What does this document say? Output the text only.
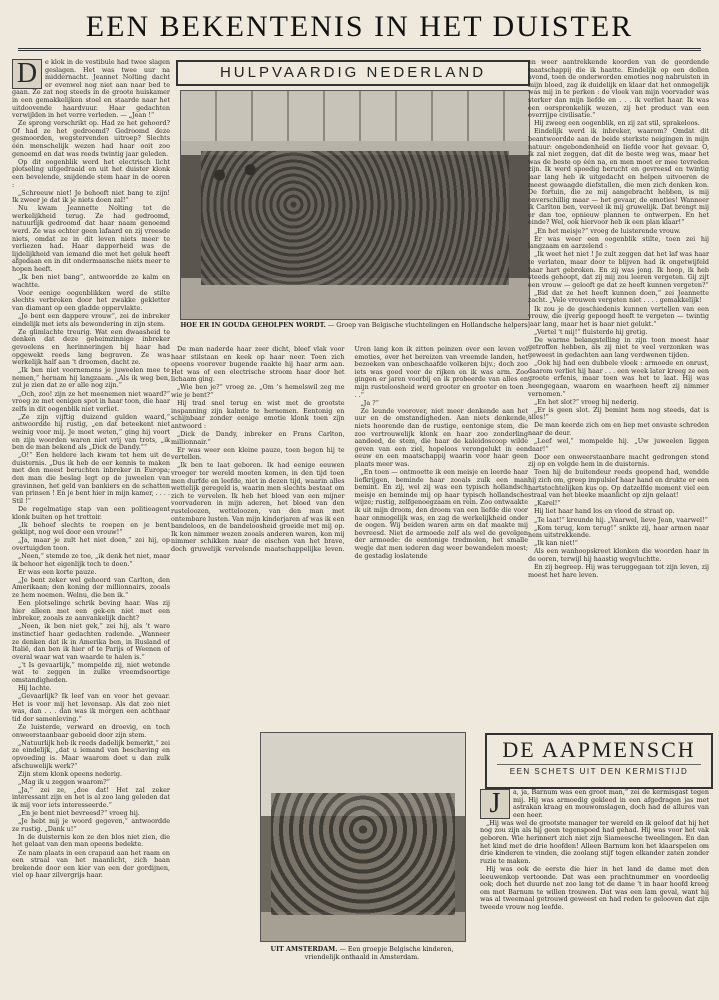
EEN BEKENTENIS IN HET DUISTER
D	e klok in de vestibule had twee slagen geslagen. Het was twee uur na middernacht. Jeannet Nolting dacht er evenwel nog niet aan naar bed te gaan. Ze zat nog steeds in de groote huiskamer in een gemakkelijken stoel en staarde naar het uitdoovende haardvuur. Haar gedachten verwijlden in het verre verleden. — „Jean !“

Ze sprong verschrikt op. Had ze het gehoord? Of had ze het gedroomd? Gedroomd deze gesmoorden, wegstervenden uitroep? Slechts één menschelijk wezen had haar ooit zoo genoemd en dat was reeds twintig jaar geleden.

Op dit oogenblik werd het electrisch licht plotseling uitgedraaid en uit het duister klonk een bevelende, snijdende stem haar in de ooren :

„Schreeuw niet! Je behoeft niet bang te zijn! Ik zweer je dat ik je niets doen zal!“

Nu kwam Jeannette Nolting tot de werkelijkheid terug. Ze had gedroomd, natuurlijk gedroomd dat haar naam genoemd werd. Ze was echter geen lafaard en zij vreesde niets, omdat ze in dit leven niets meer te verliezen had. Haar dapperheid was de lijdelijkheid van iemand die met het geluk heeft afgedaan en in dit ondermaansche niets meer te hopen heeft.

„Ik ben niet bang“, antwoordde ze kalm en wachtte.

Voor eenige oogenblikken werd de stilte slechts verbroken door het zwakke gekletter van diamant op een gladde oppervlakte.

„Je bent een dappere vrouw“, zei de inbreker eindelijk met iets als bewondering in zijn stem.

Ze glimlachte treurig. Wat een dwaasheid te denken dat deze geheimzinnige inbreker gevoelens en herinneringen bij haar had opgewekt reeds lang begraven. Ze was werkelijk half aan 't droomen, dacht ze.

„Ik ben niet voornemens je juweelen mee te nemen,“ hernam hij langzaam. „Als ik weg ben, zul je zien dat ze er alle nog zijn.“

„Och, zoo! zijn ze het meenemen niet waard?“ vroeg ze met eenigen spot in haar toon, die haar zelfs in dit oogenblik niet verliet.

„Ze zijn vijftig duizend gulden waard,“ antwoordde hij rustig, „en dat beteekent niet weinig voor mij. Je moet weten,“ ging hij voort en zijn woorden waren niet vrij van trots, „ik ben de man bekend als „Dick de Dandy.““

„O!“ Een heldere lach kwam tot hem uit de duisternis. „Dus ik heb de eer kennis te maken met den meest beruchten inbreker in Europa; den man die beslag legt op de juweelen van gravinnen, het geld van bankiers en de schatten van prinsen ! En je bent hier in mijn kamer, . . . . Stil !“

De regelmatige stap van een politieagent klonk buiten op het trottoir.

„Ik behoef slechts te roepen en je bent gekiipt, nog wel door een vrouw!“

„Ja, maar je zult het niet doen,“ zei hij, op overtuigden toon.

„Neen,“ stemde ze toe, „ik denk het niet, maar ik behoor het eigenlijk toch te doen.“

Er was een korte pauze.

„Je bent zeker wel gehoord van Carlton, den Amerikaan; den koning der millionnairs, zooals ze hem noemen. Welnu, die ben ik.“

Een plotselinge schrik beving haar. Was zij hier alleen met een gek-en niet met een inbreker, zooals ze aanvankelijk dacht?

„Neen, ik ben niet gek,“ zei hij, als 't ware instinctief haar gedachten radende. „Wanneer ze denken dat ik in Amerika ben, in Rusland of Italië, dan ben ik hier of te Parijs of Weenen of overal waar wat van waarde te halen is.“

„'t Is gevaarlijk,“ mompelde zij, niet wetende wat te zeggen in zulke vreemdsoortige omstandigheden.

Hij lachte.

„Gevaarlijk? Ik leef van en voor het gevaar. Het is voor mij het levensap. Als dat zoo niet was, dan . . . dan was ik morgen een achthaar tid der samenleving.“

Ze luisterde, verward en droevig, en toch onweerstaanbaar geboeid door zijn stem.

„Natuurlijk heb ik reeds dadelijk bemerkt,“ zei ze eindelijk, „dat u iemand van beschaving en opvoeding is. Maar waarom doet u dan zulk afschuwelijk werk?“

Zijn stem klonk opeens nederig.

„Mag ik u zeggen waarom?“

„Ja,“ zei ze, „doe dat! Het zal zeker interessant zijn en het is al zoo lang geleden dat ik mij voor iets interesseerde.“

„En je bent niet bevreesd?“ vroeg hij.

„Je hebt mij je woord gegeven,“ antwoordde ze rustig. „Dank u!“

In de duisternis kon ze den blos niet zien, die het gelaat van den man opeens bedekte.

Ze nam plaats in een crapaud aan het raam en een straal van het maanlicht, zich baan brekende door een kier van een der gordijnen, viel op haar zilvergrijs haar.

HULPVAARDIG NEDERLAND
HOE ER IN GOUDA GEHOLPEN WORDT. — Groep van Belgische vluchtelingen en Hollandsche helpers

De man naderde haar zeer dicht, bleef vlak voor haar stilstaan en keek op haar neer. Toen zich opeens voorover bugende raakte hij haar arm aan. Het was of een electrische stroom haar door het lichaam ging.

„Wie ben je?“ vroeg ze. „Om 's hemelswil zeg me wie je bent?“

Hij trad snel terug en wist met de grootste inspanning zijn kalmte te hernemen. Eentonig en schijnbaar zonder eenige emotie klonk toen zijn antwoord :

„Dick de Dandy, inbreker en Frans Carlton, millionnair.“

Er was weer een kleine pauze, toen begon hij te vertellen.

„Ik ben te laat geboren. Ik had eenige eeuwen vroeger ter wereld moeten komen, in den tijd toen men durfde en leefde, niet in dezen tijd, waarin alles wettelijk geregeld is, waarin men slechts bestaat om zich te vervelen. Ik heb het bloed van een mijner voorvaderen in mijn aderen, het bloed van den rusteloozen, wetteloozen, van den man met ontembare lusten. Van mijn kinderjaren af was ik een bandeloos, en de bandeloosheid groeide met mij op. Ik kon nimmer wezen zooals anderen waren, kon mij nimmer schikken naar de eischen van het brave, doch gruwelijk vervelende maatschappelijke leven. Uren lang kon ik zitten peinzen over een leven vol emoties, over het bereizen van vreemde landen, het bezoeken van onbeschaafde volkeren bijv.; doch zoo iets was goed voor de rijken en ik was arm. Zoo gingen er jaren voorbij en ik probeerde van alles en mijn rusteloosheid werd grooter en grooter en toen . . .“

„Ja ?“

Ze leunde voorover, niet meer denkende aan het uur en de omstandigheden. Aan niets denkende, niets hoorende dan de rustige, eentonige stem, die zoo vertrouwelijk klonk en haar zoo zonderling aandeed, de stem, die haar de kaleidoscoop wilde geven van een ziel, hopeloos verongelukt in een eeuw en een maatschappij waarin voor haar geen plaats meer was.

„En toen — ontmoette ik een meisje en leerde haar liefkrijgen, beminde haar zooals zulk een man bemint. En zij, wel zij was een typisch hollandsch meisje en beminde mij op haar typisch hollandsche wijze; rustig, zelfgenoegzaam en rein. Zoo ontwaakte ik uit mijn droom, den droom van een liefde die voor haar onmogelijk was, en zag de werkelijkheid onder de oogen. Wij beiden waren arm en dat maakte mij bevreesd. Niet de armoede zelf als wel de gevolgen der armoede: de eentonige tredmolen, het smalle wegje dat men iederen dag weer bewandelen moest; de gestadig loslatende

UIT AMSTERDAM. — Een groepje Belgische kinderen, vriendelijk onthaald in Amsterdam.

en weer aantrekkende koorden van de geordende maatschappij die ik haatte. Eindelijk op een dollen avond, toen de onderworden emoties nog nabruisten in mijn bloed, zag ik duidelijk en klaar dat het onmogelijk was mij in te perken : de vloek van mijn voorvader was sterker dan mijn liefde en . . . ik verliet haar. Ik was een oorspronkelijk wezen, zij het product van een overrijpe civilisatie.“

Hij zweeg een oogenblik, en zij zat stil, sprakeloos.

Eindelijk werd ik inbreker, waarom? Omdat dit beantwoordde aan de beide sterkste neigingen in mijn natuur: ongebondenheid en liefde voor het gevaar. O, ik zal niet zeggen, dat dit de beste weg was, maar het was de beste op één na, en men moet er mee tevreden zijn. Ik werd spoedig berucht en gevreesd en twintig jaar lang heb ik uitgedacht en helpen uitvoeren de meest gewaagde diefstallen, die men zich denken kon. De fortuin, die ze mij aangebracht hebben, is mij onverschillig maar — het gevaar, de emoties! Wanneer ik Carlton ben, verveel ik mij gruwelijk. Dat brengt mij er dan toe, opnieuw plannen te ontwerpen. En het einde? Wel, ook hiervoor heb ik een plan klaar!“

„En het meisje?“ vroeg de luisterende vrouw.

Er was weer een oogenblik stilte, toen zei hij langzaam en aarzelend :

„Ik weet het niet ! Je zult zeggen dat het laf was haar te verlaten, maar door te blijven had ik ongetwijfeld haar hart gebroken. En zij was jong. Ik hoop, ik heb steeds gehoopt, dat zij mij zou leeren vergeten. Gij zijt een vrouw — gelooft ge dat ze heeft kunnen vergeten?“

„Bid dat ze het heeft kunnen doen,“ zei Jeannette zacht. „Vele vrouwen vergeten niet . . . . gemakkelijk!

Ik zou je de geschiedenis kunnen vertellen van een vrouw, die ijverig gepoogd heeft te vergeten — twintig jaar lang, maar het is haar niet gelukt.“

„Vertel 't mij!“ fluisterde hij gretig.

De warme belangstelling in zijn toon moest haar getroffen hebben, als zij niet te veel verzonken was geweest in gedachten aan lang verdwenen tijden.

„Ook hij had een dubbele vloek : armoede en onrust, daarom verliet hij haar . . . een week later kreeg ze een groote erfenis, maar toen was het te laat. Hij was heengegaan, waarom en waarheen heeft zij nimmer vernomen.“

„En het slot?“ vroeg hij nederig.

„Er is geen slot. Zij bemint hem nog steeds, dat is alles!“

De man keerde zich om en liep met onvaste schreden naar de deur.

„Leef wel,“ mompelde hij. „Uw juweelen liggen daar!“

Door een onweerstaanbare macht gedrongen stond zij op en volgde hem in de duisternis.

Toen hij de buitendeur reeds geopend had, wendde hij zich om, greep impulsief haar hand en drukte er een hartstochtelijken kus op. Op datzelfde moment viel een straal van het bleeke maanlicht op zijn gelaat!

„Karel!“

Hij liet haar hand los en vlood de straat op.

„Te laat!“ kreunde hij. „Vaarwel, lieve Jean, vaarwel!“

„Kom terug, kom terug!“ snikte zij, haar armen naar hem uitstrekkende.

„Ik kan niet!“

Als een wanhoopskreet klonken die woorden haar in de ooren, terwijl hij haastig wegvluchtte.

En zij begreep. Hij was teruggegaan tot zijn leven, zij moest het hare leven.

DE AAPMENSCH
EEN SCHETS UIT DEN KERMISTIJD
J	a, ja, Barnum was een groot man,“ zei de kermisgast tegen mij. Hij was armoedig gekleed in een afgedragen jas met astrakan kraag en mouwomslagen, doch had de allures van een heer.

„Hij was wel de grootste manager ter wereld en ik geloof dat hij het nog zou zijn als hij geen tegenspoed had gehad. Hij was voor het vak geboren. Wie herinnert zich niet zijn Siameesche tweelingen. En dan het kind met de drie hoofden! Alleen Barnum kon het klaarspelen om drie kinderen te vinden, die zoolang stijf tegen elkander zaten zonder ruzie te maken.

Hij was ook de eerste die hier in het land de dame met den leeuwenkop vertoonde. Dat was een prachtnummer en voordeelig ook; doch het duurde net zoo lang tot de dame 't in haar hoofd kreeg om met Barnum te willen trouwen. Dat was een lam geval, want hij was al tweemaal getrouwd geweest en had reden te gelooven dat zijn tweede vrouw nog leefde.
